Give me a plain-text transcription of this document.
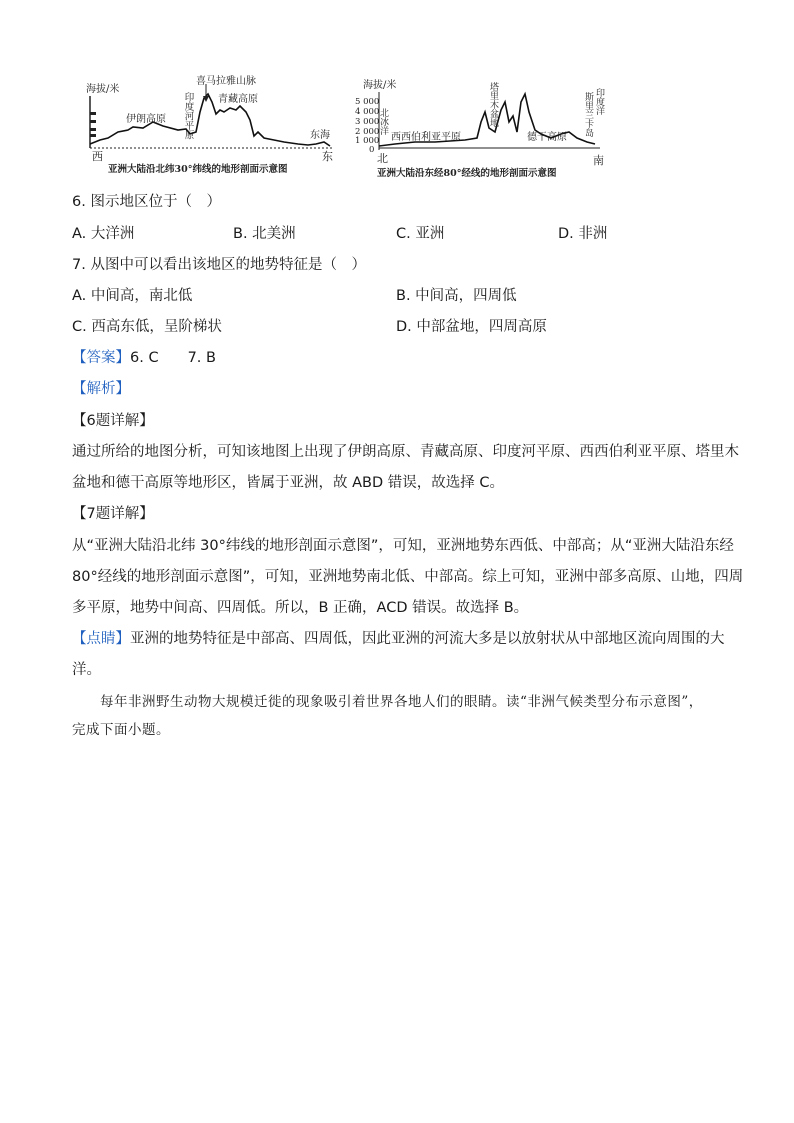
海拔/米
伊朗高原
喜马拉雅山脉
印度河平原 青藏高原
东海
西	东
亚洲大陆沿北纬30°纬线的地形剖面示意图
海拔/米
5 000
4 000
3 000
2 000
1 000
0
北冰洋
西西伯利亚平原
塔里木盆地
德干高原
斯里兰卡岛 印度洋
北	南
亚洲大陆沿东经80°经线的地形剖面示意图
6. 图示地区位于（　）
A. 大洋洲	B. 北美洲	C. 亚洲	D. 非洲
7. 从图中可以看出该地区的地势特征是（　）
A. 中间高，南北低	B. 中间高，四周低
C. 西高东低，呈阶梯状	D. 中部盆地，四周高原
【答案】6. C　　7. B
【解析】
【6题详解】
通过所给的地图分析，可知该地图上出现了伊朗高原、青藏高原、印度河平原、西西伯利亚平原、塔里木
盆地和德干高原等地形区，皆属于亚洲，故 ABD 错误，故选择 C。
【7题详解】
从“亚洲大陆沿北纬 30°纬线的地形剖面示意图”，可知，亚洲地势东西低、中部高；从“亚洲大陆沿东经
80°经线的地形剖面示意图”，可知，亚洲地势南北低、中部高。综上可知，亚洲中部多高原、山地，四周
多平原，地势中间高、四周低。所以，B 正确，ACD 错误。故选择 B。
【点睛】亚洲的地势特征是中部高、四周低，因此亚洲的河流大多是以放射状从中部地区流向周围的大
洋。
每年非洲野生动物大规模迁徙的现象吸引着世界各地人们的眼睛。读“非洲气候类型分布示意图”，
完成下面小题。
